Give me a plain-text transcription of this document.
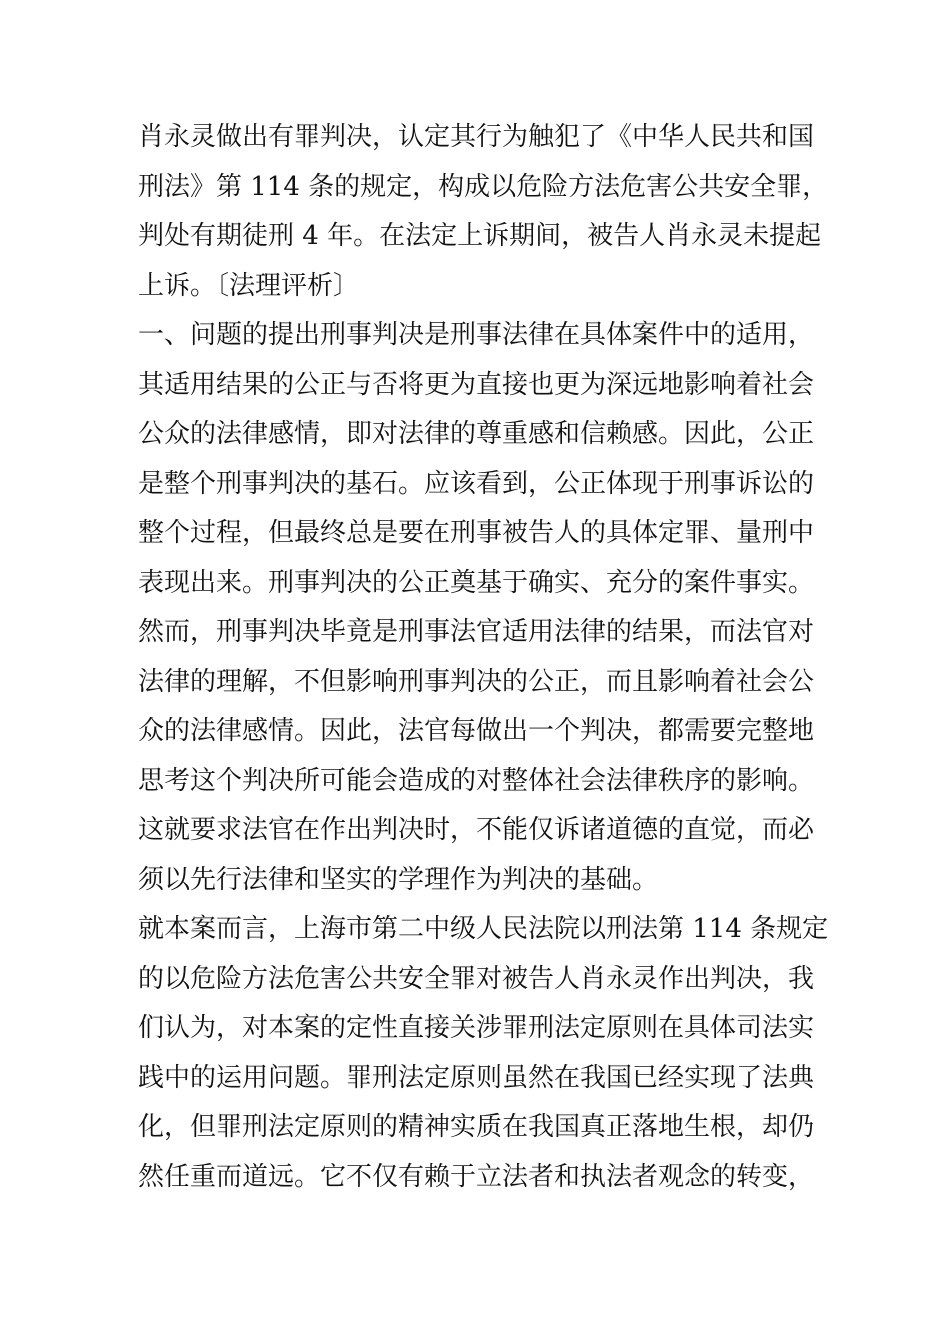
肖永灵做出有罪判决，认定其行为触犯了《中华人民共和国
刑法》第 114 条的规定，构成以危险方法危害公共安全罪，
判处有期徒刑 4 年。在法定上诉期间，被告人肖永灵未提起
上诉。〔法理评析〕
一、问题的提出刑事判决是刑事法律在具体案件中的适用，
其适用结果的公正与否将更为直接也更为深远地影响着社会
公众的法律感情，即对法律的尊重感和信赖感。因此，公正
是整个刑事判决的基石。应该看到，公正体现于刑事诉讼的
整个过程，但最终总是要在刑事被告人的具体定罪、量刑中
表现出来。刑事判决的公正奠基于确实、充分的案件事实。
然而，刑事判决毕竟是刑事法官适用法律的结果，而法官对
法律的理解，不但影响刑事判决的公正，而且影响着社会公
众的法律感情。因此，法官每做出一个判决，都需要完整地
思考这个判决所可能会造成的对整体社会法律秩序的影响。
这就要求法官在作出判决时，不能仅诉诸道德的直觉，而必
须以先行法律和坚实的学理作为判决的基础。
就本案而言，上海市第二中级人民法院以刑法第 114 条规定
的以危险方法危害公共安全罪对被告人肖永灵作出判决，我
们认为，对本案的定性直接关涉罪刑法定原则在具体司法实
践中的运用问题。罪刑法定原则虽然在我国已经实现了法典
化，但罪刑法定原则的精神实质在我国真正落地生根，却仍
然任重而道远。它不仅有赖于立法者和执法者观念的转变，
